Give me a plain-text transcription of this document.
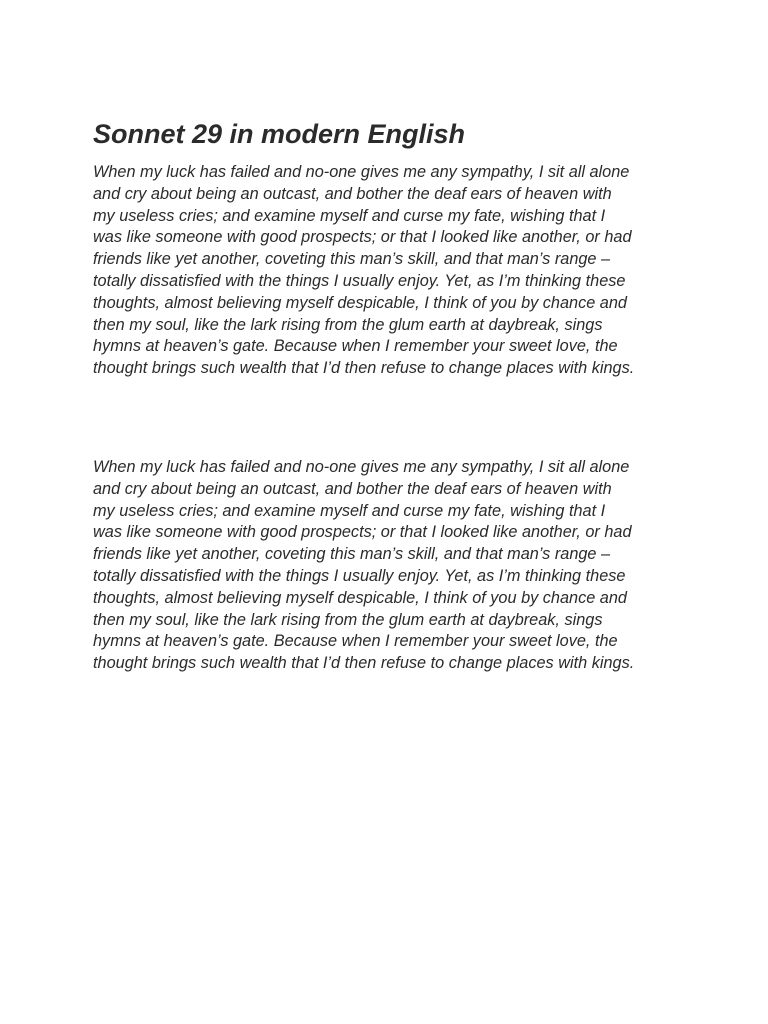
Sonnet 29 in modern English

When my luck has failed and no-one gives me any sympathy, I sit all alone
and cry about being an outcast, and bother the deaf ears of heaven with
my useless cries; and examine myself and curse my fate, wishing that I
was like someone with good prospects; or that I looked like another, or had
friends like yet another, coveting this man’s skill, and that man’s range –
totally dissatisfied with the things I usually enjoy. Yet, as I’m thinking these
thoughts, almost believing myself despicable, I think of you by chance and
then my soul, like the lark rising from the glum earth at daybreak, sings
hymns at heaven’s gate. Because when I remember your sweet love, the
thought brings such wealth that I’d then refuse to change places with kings.

When my luck has failed and no-one gives me any sympathy, I sit all alone
and cry about being an outcast, and bother the deaf ears of heaven with
my useless cries; and examine myself and curse my fate, wishing that I
was like someone with good prospects; or that I looked like another, or had
friends like yet another, coveting this man’s skill, and that man’s range –
totally dissatisfied with the things I usually enjoy. Yet, as I’m thinking these
thoughts, almost believing myself despicable, I think of you by chance and
then my soul, like the lark rising from the glum earth at daybreak, sings
hymns at heaven’s gate. Because when I remember your sweet love, the
thought brings such wealth that I’d then refuse to change places with kings.
